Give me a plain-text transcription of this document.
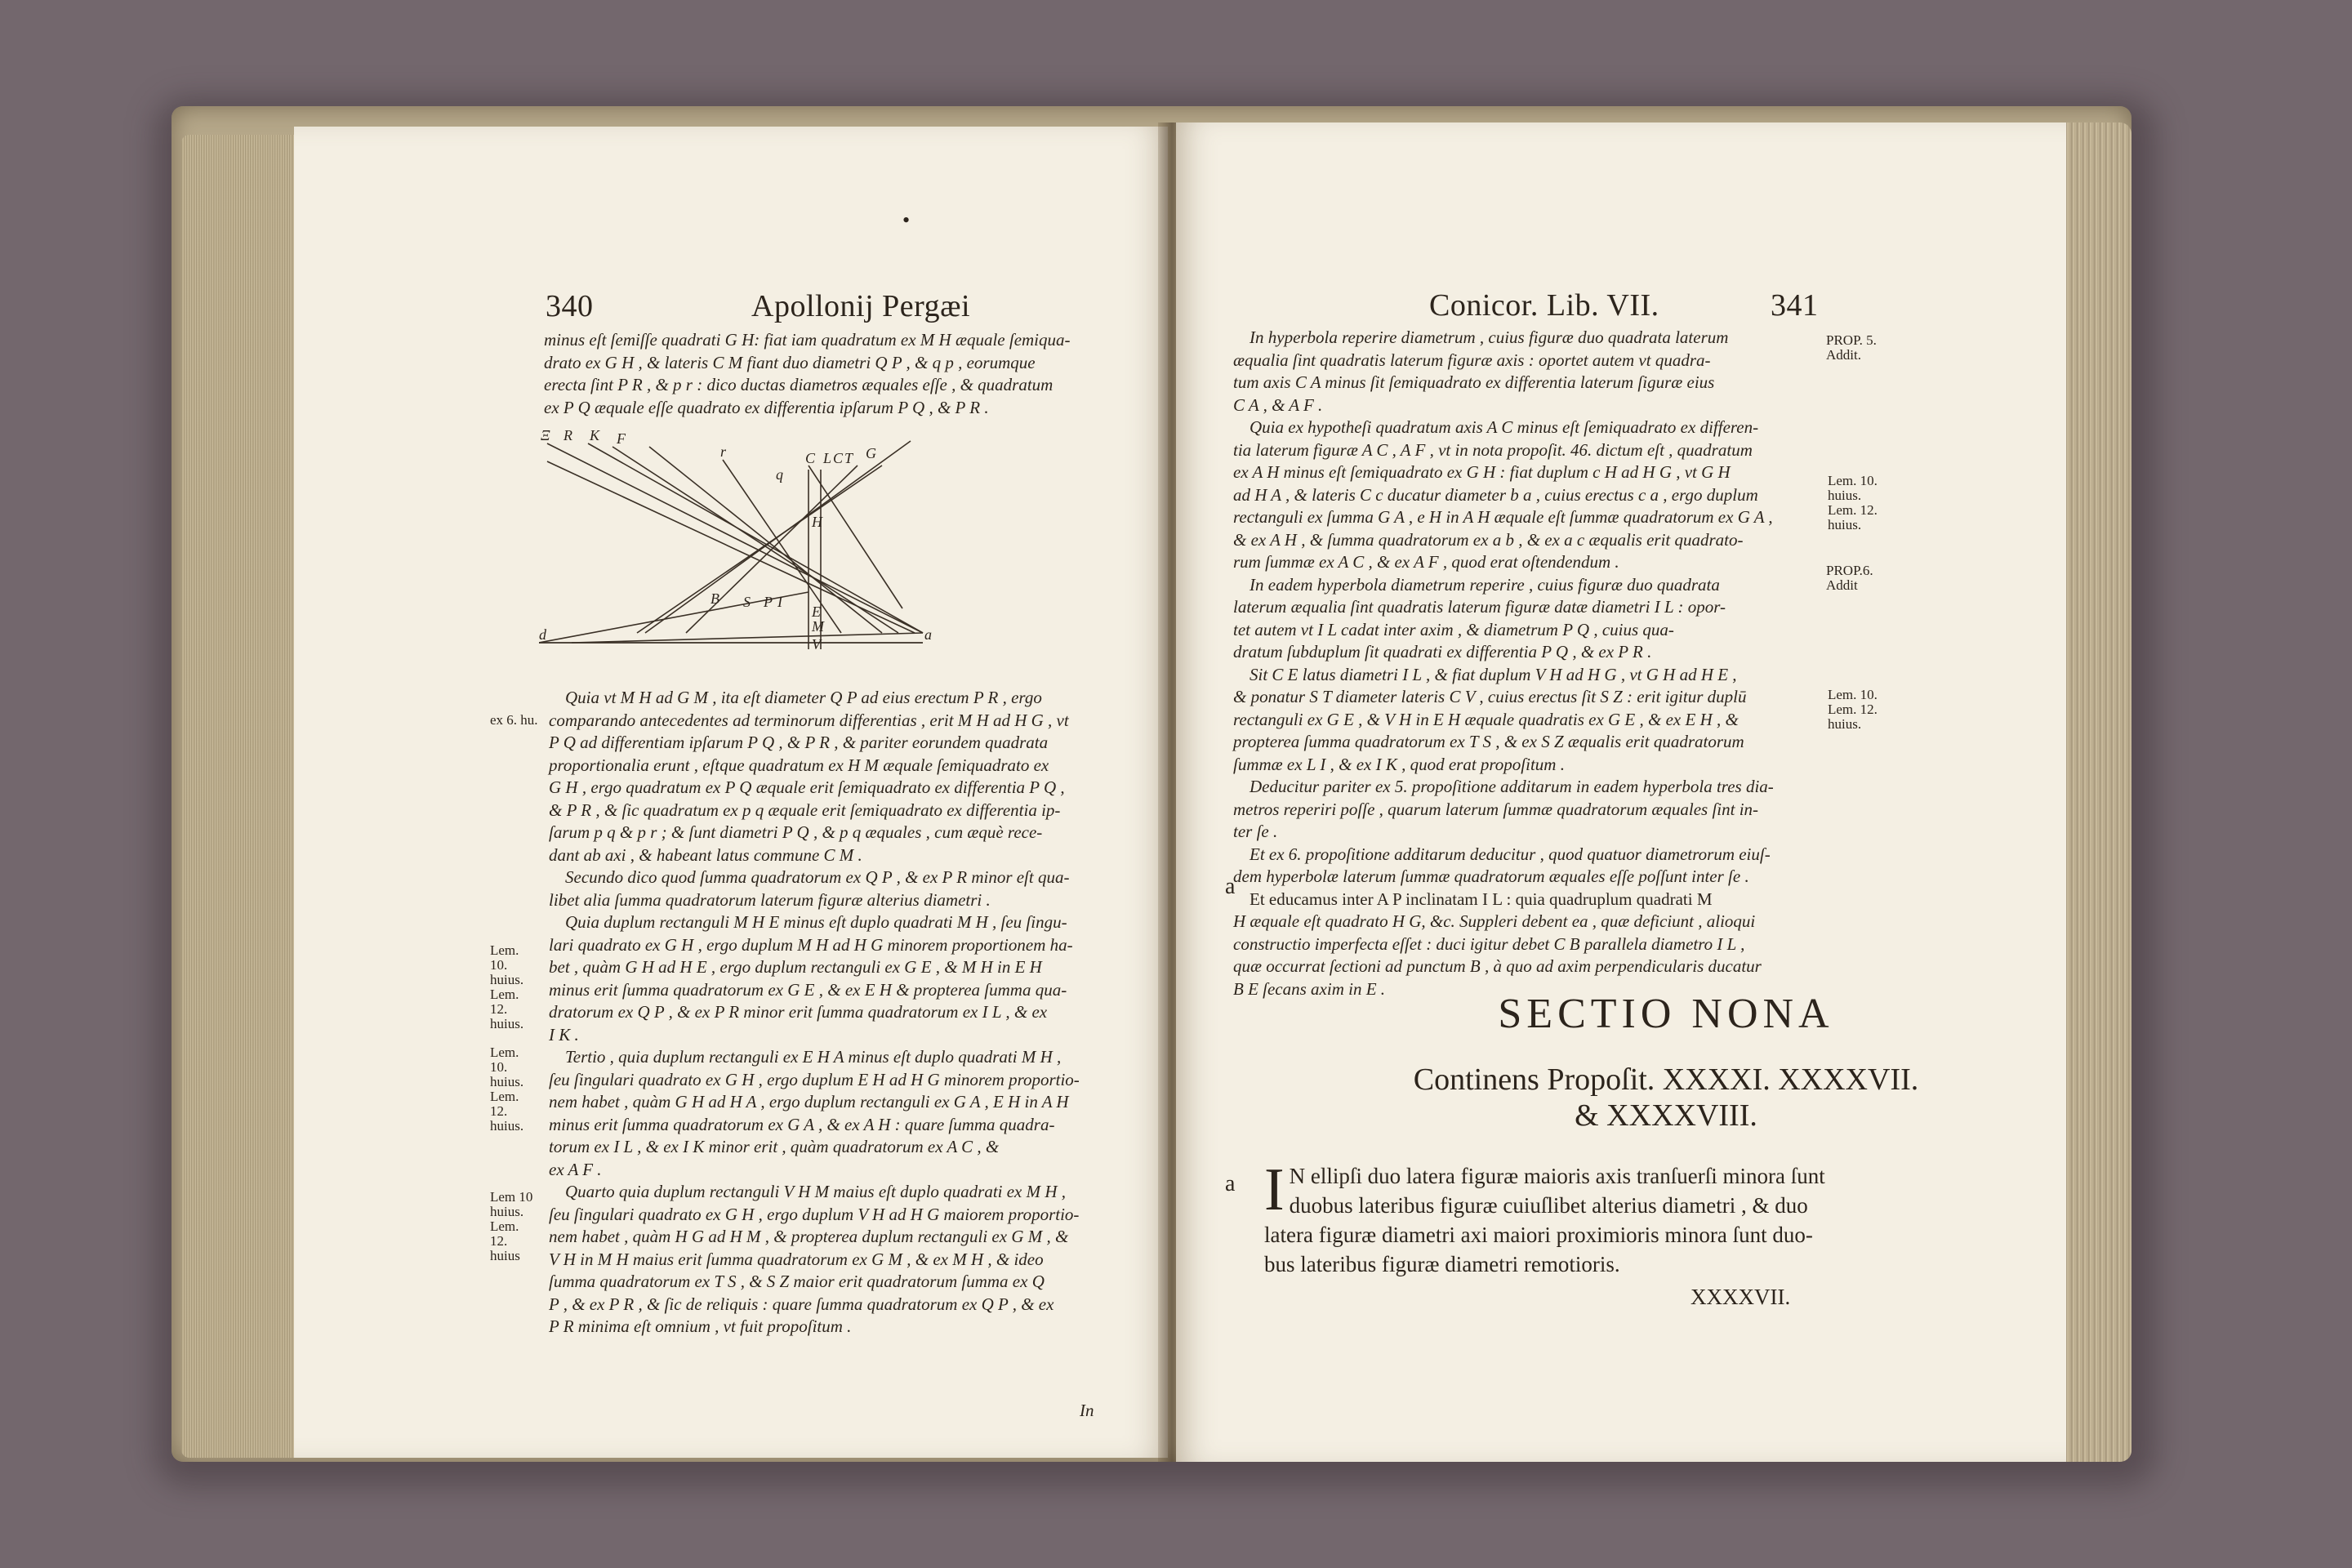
•
340	Apollonij Pergæi

minus eſt ſemiſſe quadrati G H: fiat iam quadratum ex M H æquale ſemiqua-

drato ex G H , & lateris C M fiant duo diametri Q P , & q p , eorumque

erecta ſint P R , & p r : dico ductas diametros æquales eſſe , & quadratum

ex P Q æquale eſſe quadrato ex differentia ipſarum P Q , & P R .

Ξ R K F
r
q
C L C T G
B S P I
H
E
M
V
d	a
ex 6. hu.
Lem. 10. huius. Lem. 12. huius.
Lem. 10. huius. Lem. 12. huius.
Lem 10 huius. Lem. 12. huius

Quia vt M H ad G M , ita eſt diameter Q P ad eius erectum P R , ergo

comparando antecedentes ad terminorum differentias , erit M H ad H G , vt

P Q ad differentiam ipſarum P Q , & P R , & pariter eorundem quadrata

proportionalia erunt , eſtque quadratum ex H M æquale ſemiquadrato ex

G H , ergo quadratum ex P Q æquale erit ſemiquadrato ex differentia P Q ,

& P R , & ſic quadratum ex p q æquale erit ſemiquadrato ex differentia ip-

ſarum p q & p r ; & ſunt diametri P Q , & p q æquales , cum æquè rece-

dant ab axi , & habeant latus commune C M .

Secundo dico quod ſumma quadratorum ex Q P , & ex P R minor eſt qua-

libet alia ſumma quadratorum laterum figuræ alterius diametri .

Quia duplum rectanguli M H E minus eſt duplo quadrati M H , ſeu ſingu-

lari quadrato ex G H , ergo duplum M H ad H G minorem proportionem ha-

bet , quàm G H ad H E , ergo duplum rectanguli ex G E , & M H in E H

minus erit ſumma quadratorum ex G E , & ex E H & propterea ſumma qua-

dratorum ex Q P , & ex P R minor erit ſumma quadratorum ex I L , & ex

I K .

Tertio , quia duplum rectanguli ex E H A minus eſt duplo quadrati M H ,

ſeu ſingulari quadrato ex G H , ergo duplum E H ad H G minorem proportio-

nem habet , quàm G H ad H A , ergo duplum rectanguli ex G A , E H in A H

minus erit ſumma quadratorum ex G A , & ex A H : quare ſumma quadra-

torum ex I L , & ex I K minor erit , quàm quadratorum ex A C , &

ex A F .

Quarto quia duplum rectanguli V H M maius eſt duplo quadrati ex M H ,

ſeu ſingulari quadrato ex G H , ergo duplum V H ad H G maiorem proportio-

nem habet , quàm H G ad H M , & propterea duplum rectanguli ex G M , &

V H in M H maius erit ſumma quadratorum ex G M , & ex M H , & ideo

ſumma quadratorum ex T S , & S Z maior erit quadratorum ſumma ex Q

P , & ex P R , & ſic de reliquis : quare ſumma quadratorum ex Q P , & ex

P R minima eſt omnium , vt fuit propoſitum .

In
Conicor. Lib. VII.	341
PROP. 5. Addit.
Lem. 10. huius. Lem. 12. huius.
PROP.6. Addit
Lem. 10. Lem. 12. huius.

In hyperbola reperire diametrum , cuius figuræ duo quadrata laterum

æqualia ſint quadratis laterum figuræ axis : oportet autem vt quadra-

tum axis C A minus ſit ſemiquadrato ex differentia laterum ſiguræ eius

C A , & A F .

Quia ex hypotheſi quadratum axis A C minus eſt ſemiquadrato ex differen-

tia laterum figuræ A C , A F , vt in nota propoſit. 46. dictum eſt , quadratum

ex A H minus eſt ſemiquadrato ex G H : fiat duplum c H ad H G , vt G H

ad H A , & lateris C c ducatur diameter b a , cuius erectus c a , ergo duplum

rectanguli ex ſumma G A , e H in A H æquale eſt ſummæ quadratorum ex G A ,

& ex A H , & ſumma quadratorum ex a b , & ex a c æqualis erit quadrato-

rum ſummæ ex A C , & ex A F , quod erat oſtendendum .

In eadem hyperbola diametrum reperire , cuius figuræ duo quadrata

laterum æqualia ſint quadratis laterum figuræ datæ diametri I L : opor-

tet autem vt I L cadat inter axim , & diametrum P Q , cuius qua-

dratum ſubduplum ſit quadrati ex differentia P Q , & ex P R .

Sit C E latus diametri I L , & fiat duplum V H ad H G , vt G H ad H E ,

& ponatur S T diameter lateris C V , cuius erectus ſit S Z : erit igitur duplū

rectanguli ex G E , & V H in E H æquale quadratis ex G E , & ex E H , &

propterea ſumma quadratorum ex T S , & ex S Z æqualis erit quadratorum

ſummæ ex L I , & ex I K , quod erat propoſitum .

Deducitur pariter ex 5. propoſitione additarum in eadem hyperbola tres dia-

metros reperiri poſſe , quarum laterum ſummæ quadratorum æquales ſint in-

ter ſe .

Et ex 6. propoſitione additarum deducitur , quod quatuor diametrorum eiuſ-

dem hyperbolæ laterum ſummæ quadratorum æquales eſſe poſſunt inter ſe .

Et educamus inter A P inclinatam I L : quia quadruplum quadrati M

H æquale eſt quadrato H G, &c. Suppleri debent ea , quæ deficiunt , alioqui

constructio imperfecta eſſet : duci igitur debet C B parallela diametro I L ,

quæ occurrat ſectioni ad punctum B , à quo ad axim perpendicularis ducatur

B E ſecans axim in E .

a
SECTIO NONA
Continens Propoſit. XXXXI. XXXXVII.
& XXXXVIII.
a I N ellipſi duo latera figuræ maioris axis tranſuerſi minora ſunt
duobus lateribus figuræ cuiuſlibet alterius diametri , & duo
latera figuræ diametri axi maiori proximioris minora ſunt duo-
bus lateribus figuræ diametri remotioris.
XXXXVII.
